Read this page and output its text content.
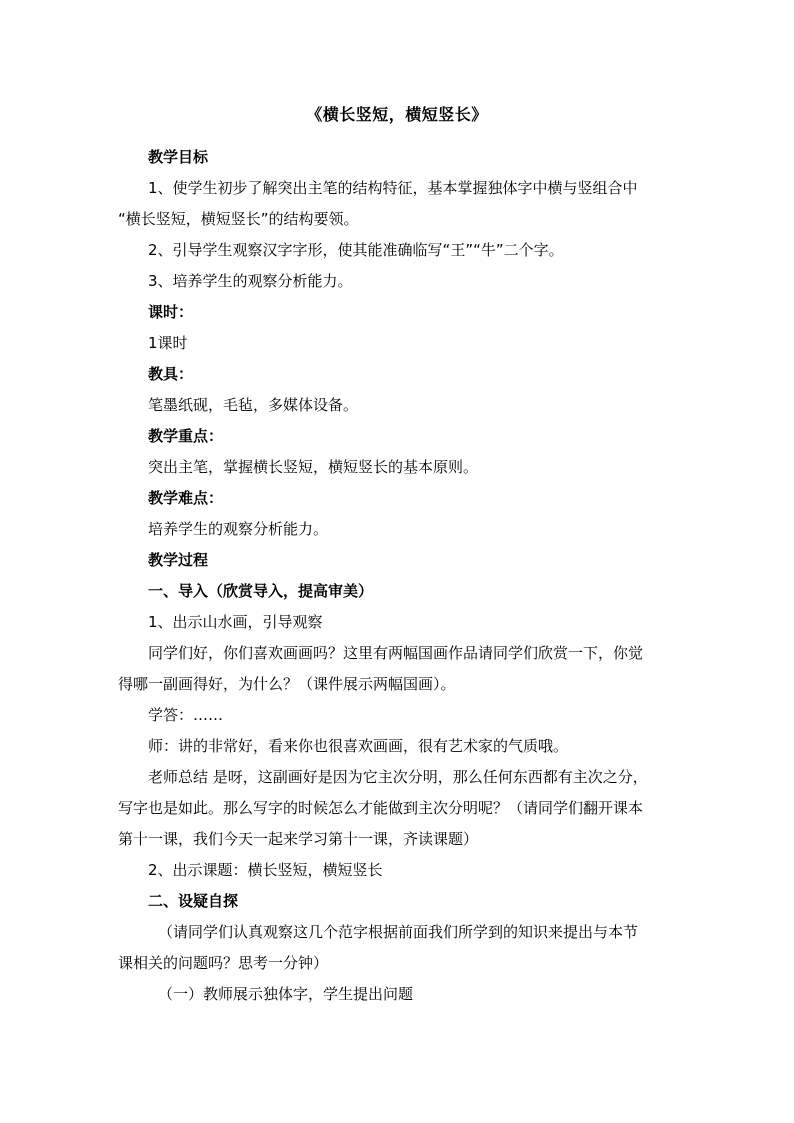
《横长竖短，横短竖长》
教学目标
1、使学生初步了解突出主笔的结构特征，基本掌握独体字中横与竖组合中
“横长竖短，横短竖长”的结构要领。
2、引导学生观察汉字字形，使其能准确临写“王”“牛”二个字。
3、培养学生的观察分析能力。
课时：
1课时
教具：
笔墨纸砚，毛毡，多媒体设备。
教学重点：
突出主笔，掌握横长竖短，横短竖长的基本原则。
教学难点：
培养学生的观察分析能力。
教学过程
一、导入（欣赏导入，提高审美）
1、出示山水画，引导观察
同学们好，你们喜欢画画吗？这里有两幅国画作品请同学们欣赏一下，你觉
得哪一副画得好，为什么？（课件展示两幅国画）。
学答：……
师：讲的非常好，看来你也很喜欢画画，很有艺术家的气质哦。
老师总结 是呀，这副画好是因为它主次分明，那么任何东西都有主次之分，
写字也是如此。那么写字的时候怎么才能做到主次分明呢？（请同学们翻开课本
第十一课，我们今天一起来学习第十一课，齐读课题）
2、出示课题：横长竖短，横短竖长
二、设疑自探
（请同学们认真观察这几个范字根据前面我们所学到的知识来提出与本节
课相关的问题吗？思考一分钟）
（一）教师展示独体字，学生提出问题
